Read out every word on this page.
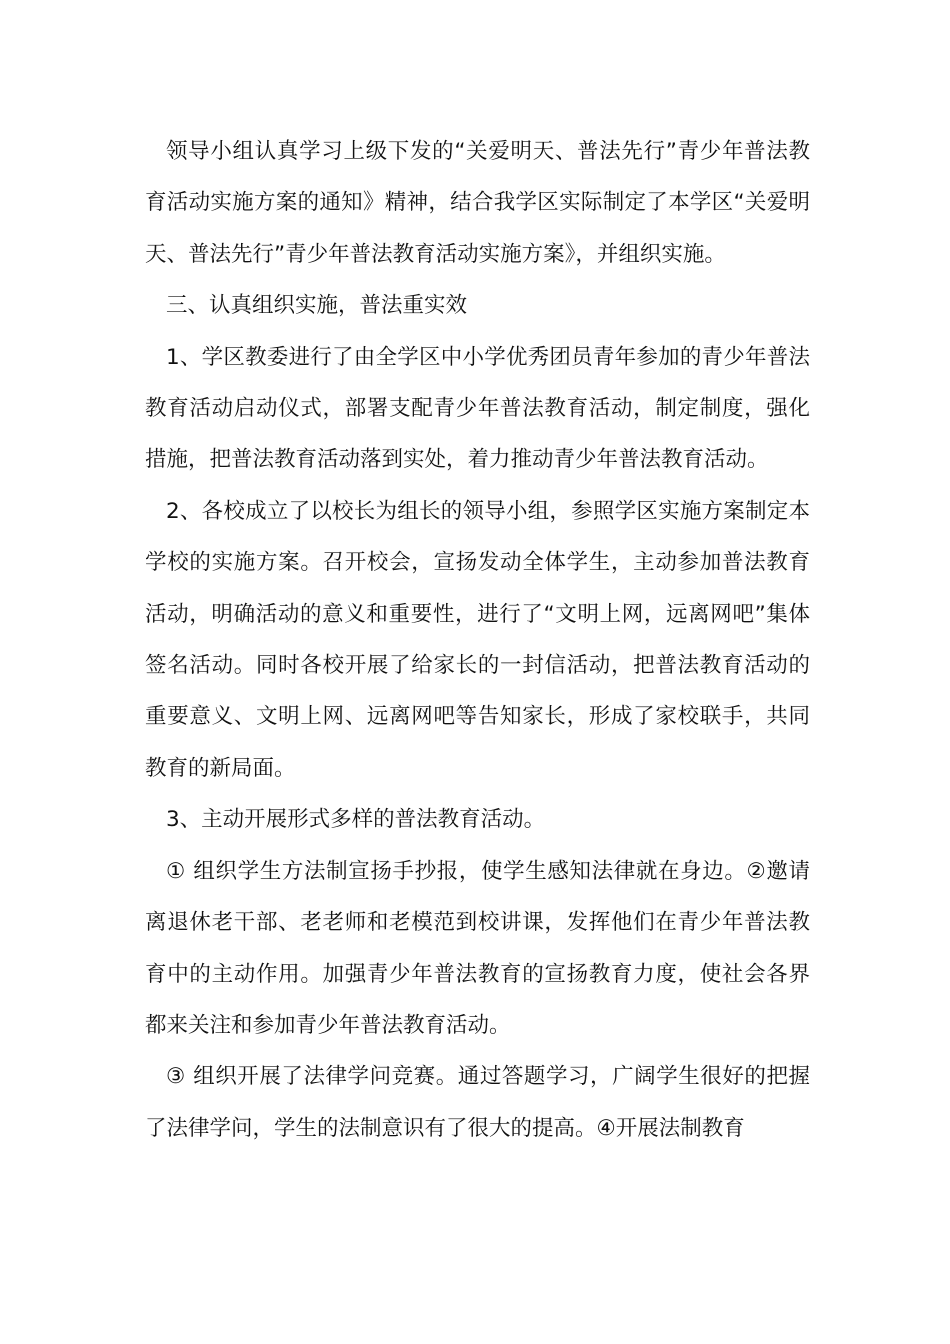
领导小组认真学习上级下发的“关爱明天、普法先行”青少年普法教育活动实施方案的通知》精神，结合我学区实际制定了本学区“关爱明天、普法先行”青少年普法教育活动实施方案》，并组织实施。

三、认真组织实施，普法重实效

1、学区教委进行了由全学区中小学优秀团员青年参加的青少年普法教育活动启动仪式，部署支配青少年普法教育活动，制定制度，强化措施，把普法教育活动落到实处，着力推动青少年普法教育活动。

2、各校成立了以校长为组长的领导小组，参照学区实施方案制定本学校的实施方案。召开校会，宣扬发动全体学生，主动参加普法教育活动，明确活动的意义和重要性，进行了“文明上网，远离网吧”集体签名活动。同时各校开展了给家长的一封信活动，把普法教育活动的重要意义、文明上网、远离网吧等告知家长，形成了家校联手，共同教育的新局面。

3、主动开展形式多样的普法教育活动。

① 组织学生方法制宣扬手抄报，使学生感知法律就在身边。②邀请离退休老干部、老老师和老模范到校讲课，发挥他们在青少年普法教育中的主动作用。加强青少年普法教育的宣扬教育力度，使社会各界都来关注和参加青少年普法教育活动。

③ 组织开展了法律学问竞赛。通过答题学习，广阔学生很好的把握了法律学问，学生的法制意识有了很大的提高。④开展法制教育
